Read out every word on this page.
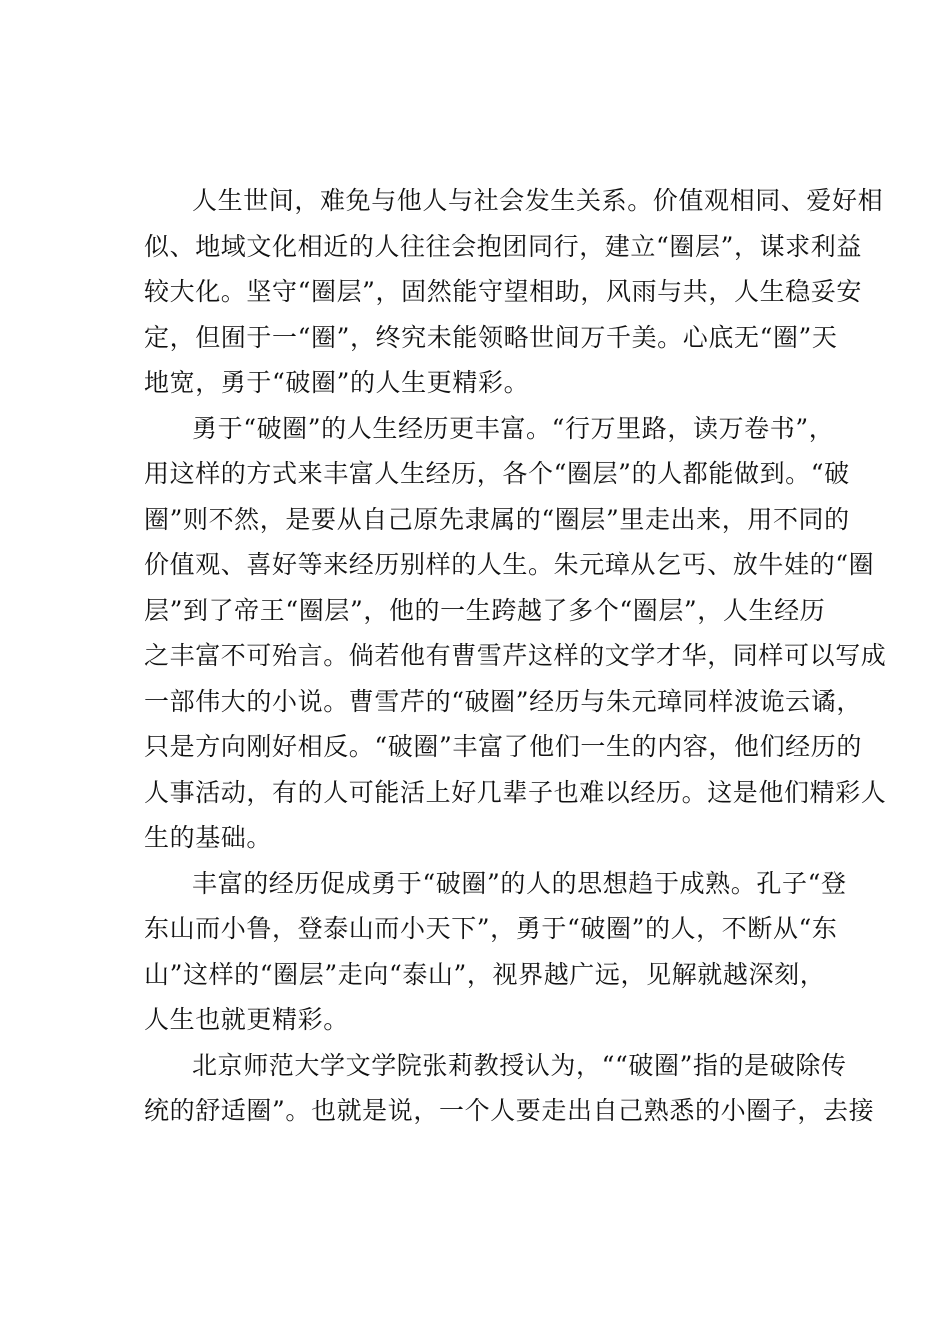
人生世间，难免与他人与社会发生关系。价值观相同、爱好相
似、地域文化相近的人往往会抱团同行，建立“圈层”，谋求利益
较大化。坚守“圈层”，固然能守望相助，风雨与共，人生稳妥安
定，但囿于一“圈”，终究未能领略世间万千美。心底无“圈”天
地宽，勇于“破圈”的人生更精彩。
勇于“破圈”的人生经历更丰富。“行万里路，读万卷书”，
用这样的方式来丰富人生经历，各个“圈层”的人都能做到。“破
圈”则不然，是要从自己原先隶属的“圈层”里走出来，用不同的
价值观、喜好等来经历别样的人生。朱元璋从乞丐、放牛娃的“圈
层”到了帝王“圈层”，他的一生跨越了多个“圈层”，人生经历
之丰富不可殆言。倘若他有曹雪芹这样的文学才华，同样可以写成
一部伟大的小说。曹雪芹的“破圈”经历与朱元璋同样波诡云谲，
只是方向刚好相反。“破圈”丰富了他们一生的内容，他们经历的
人事活动，有的人可能活上好几辈子也难以经历。这是他们精彩人
生的基础。
丰富的经历促成勇于“破圈”的人的思想趋于成熟。孔子“登
东山而小鲁，登泰山而小天下”，勇于“破圈”的人，不断从“东
山”这样的“圈层”走向“泰山”，视界越广远，见解就越深刻，
人生也就更精彩。
北京师范大学文学院张莉教授认为，““破圈”指的是破除传
统的舒适圈”。也就是说，一个人要走出自己熟悉的小圈子，去接
